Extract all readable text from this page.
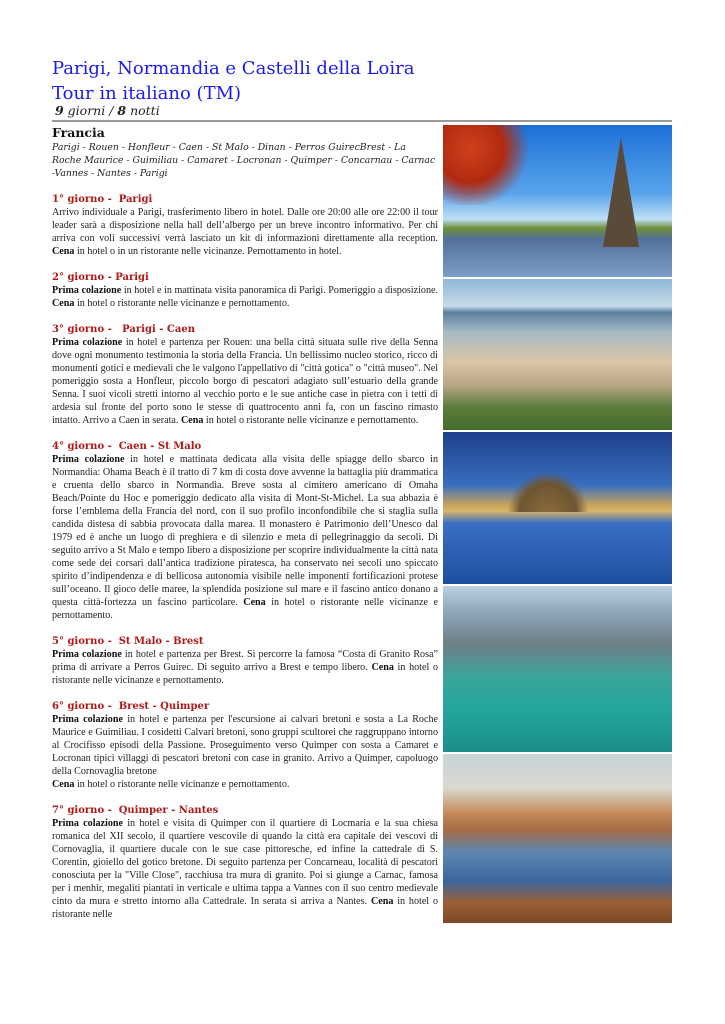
Parigi, Normandia e Castelli della Loira
Tour in italiano (TM)
9 giorni / 8 notti
Francia

Parigi - Rouen - Honfleur - Caen - St Malo - Dinan - Perros GuirecBrest - La Roche Maurice - Guimiliau - Camaret - Locronan - Quimper - Concarnau - Carnac -Vannes - Nantes - Parigi

1° giorno -  Parigi

Arrivo individuale a Parigi, trasferimento libero in hotel. Dalle ore 20:00 alle ore 22:00 il tour leader sarà a disposizione nella hall dell’albergo per un breve incontro informativo. Per chi arriva con voli successivi verrà lasciato un kit di informazioni direttamente alla reception. Cena in hotel o in un ristorante nelle vicinanze. Pernottamento in hotel.

2° giorno - Parigi

Prima colazione in hotel e in mattinata visita panoramica di Parigi. Pomeriggio a disposizione. Cena in hotel o ristorante nelle vicinanze e pernottamento.

3° giorno -   Parigi - Caen

Prima colazione in hotel e partenza per Rouen: una bella città situata sulle rive della Senna dove ogni monumento testimonia la storia della Francia. Un bellissimo nucleo storico, ricco di monumenti gotici e medievali che le valgono l'appellativo di "città gotica" o "città museo". Nel pomeriggio sosta a Honfleur, piccolo borgo di pescatori adagiato sull’estuario della grande Senna. I suoi vicoli stretti intorno al vecchio porto e le sue antiche case in pietra con i tetti di ardesia sul fronte del porto sono le stesse di quattrocento anni fa, con un fascino rimasto intatto. Arrivo a Caen in serata. Cena in hotel o ristorante nelle vicinanze e pernottamento.

4° giorno -  Caen - St Malo

Prima colazione in hotel e mattinata dedicata alla visita delle spiagge dello sbarco in Normandia: Ohama Beach è il tratto di 7 km di costa dove avvenne la battaglia più drammatica e cruenta dello sbarco in Normandia. Breve sosta al cimitero americano di Omaha Beach/Pointe du Hoc e pomeriggio dedicato alla visita di Mont-St-Michel. La sua abbazia è forse l’emblema della Francia del nord, con il suo profilo inconfondibile che si staglia sulla candida distesa di sabbia provocata dalla marea. Il monastero è Patrimonio dell’Unesco dal 1979 ed è anche un luogo di preghiera e di silenzio e meta di pellegrinaggio da secoli. Di seguito arrivo a St Malo e tempo libero a disposizione per scoprire individualmente la città nata come sede dei corsari dall’antica tradizione piratesca, ha conservato nei secoli uno spiccato spirito d’indipendenza e di bellicosa autonomia visibile nelle imponenti fortificazioni protese sull’oceano. Il gioco delle maree, la splendida posizione sul mare e il fascino antico donano a questa città-fortezza un fascino particolare. Cena in hotel o ristorante nelle vicinanze e pernottamento.

5° giorno -  St Malo - Brest

Prima colazione in hotel e partenza per Brest. Si percorre la famosa “Costa di Granito Rosa” prima di arrivare a Perros Guirec. Di seguito arrivo a Brest e tempo libero. Cena in hotel o ristorante nelle vicinanze e pernottamento.

6° giorno -  Brest - Quimper

Prima colazione in hotel e partenza per l'escursione ai calvari bretoni e sosta a La Roche Maurice e Guimiliau. I cosidetti Calvari bretoni, sono gruppi scultorei che raggruppano intorno al Crocifisso episodi della Passione. Proseguimento verso Quimper con sosta a Camaret e Locronan tipici villaggi di pescatori bretoni con case in granito. Arrivo a Quimper, capoluogo della Cornovaglia bretone
Cena in hotel o ristorante nelle vicinanze e pernottamento.

7° giorno -  Quimper - Nantes

Prima colazione in hotel e visita di Quimper con il quartiere di Locmaria e la sua chiesa romanica del XII secolo, il quartiere vescovile di quando la città era capitale dei vescovi di Cornovaglia, il quartiere ducale con le sue case pittoresche, ed infine la cattedrale di S. Corentin, gioiello del gotico bretone. Di seguito partenza per Concarneau, località di pescatori conosciuta per la "Ville Close", racchiusa tra mura di granito. Poi si giunge a Carnac, famosa per i menhir, megaliti piantati in verticale e ultima tappa a Vannes con il suo centro medievale cinto da mura e stretto intorno alla Cattedrale. In serata si arriva a Nantes. Cena in hotel o ristorante nelle
